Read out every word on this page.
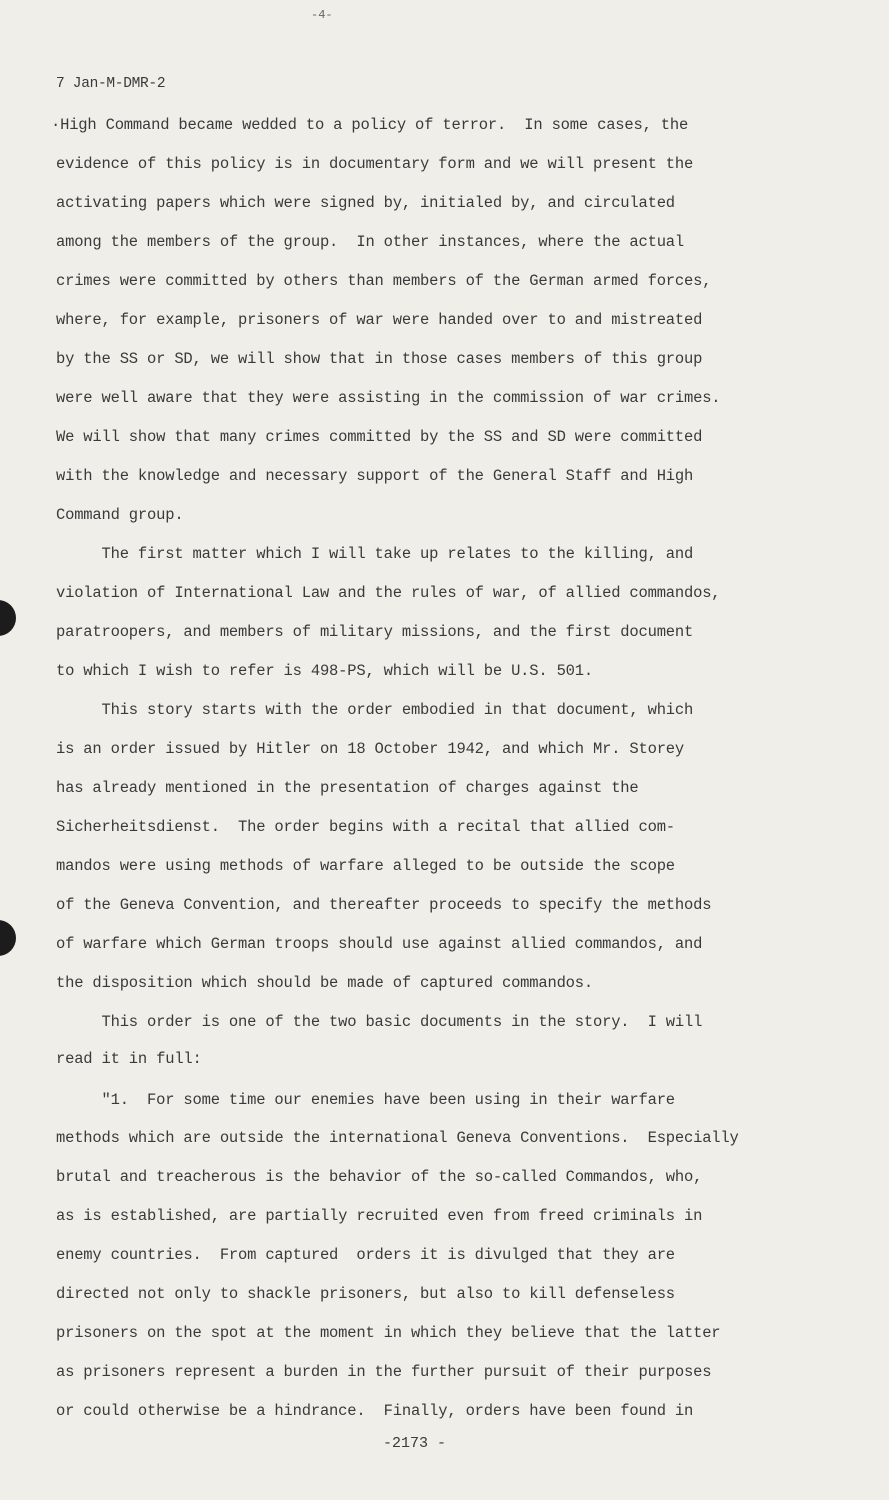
-4-
7 Jan-M-DMR-2
·High Command became wedded to a policy of terror.  In some cases, the
evidence of this policy is in documentary form and we will present the
activating papers which were signed by, initialed by, and circulated
among the members of the group.  In other instances, where the actual
crimes were committed by others than members of the German armed forces,
where, for example, prisoners of war were handed over to and mistreated
by the SS or SD, we will show that in those cases members of this group
were well aware that they were assisting in the commission of war crimes.
We will show that many crimes committed by the SS and SD were committed
with the knowledge and necessary support of the General Staff and High
Command group.
The first matter which I will take up relates to the killing, and
violation of International Law and the rules of war, of allied commandos,
paratroopers, and members of military missions, and the first document
to which I wish to refer is 498-PS, which will be U.S. 501.
This story starts with the order embodied in that document, which
is an order issued by Hitler on 18 October 1942, and which Mr. Storey
has already mentioned in the presentation of charges against the
Sicherheitsdienst.  The order begins with a recital that allied com-
mandos were using methods of warfare alleged to be outside the scope
of the Geneva Convention, and thereafter proceeds to specify the methods
of warfare which German troops should use against allied commandos, and
the disposition which should be made of captured commandos.
This order is one of the two basic documents in the story.  I will
read it in full:
"1.  For some time our enemies have been using in their warfare
methods which are outside the international Geneva Conventions.  Especially
brutal and treacherous is the behavior of the so-called Commandos, who,
as is established, are partially recruited even from freed criminals in
enemy countries.  From captured  orders it is divulged that they are
directed not only to shackle prisoners, but also to kill defenseless
prisoners on the spot at the moment in which they believe that the latter
as prisoners represent a burden in the further pursuit of their purposes
or could otherwise be a hindrance.  Finally, orders have been found in
-2173 -
